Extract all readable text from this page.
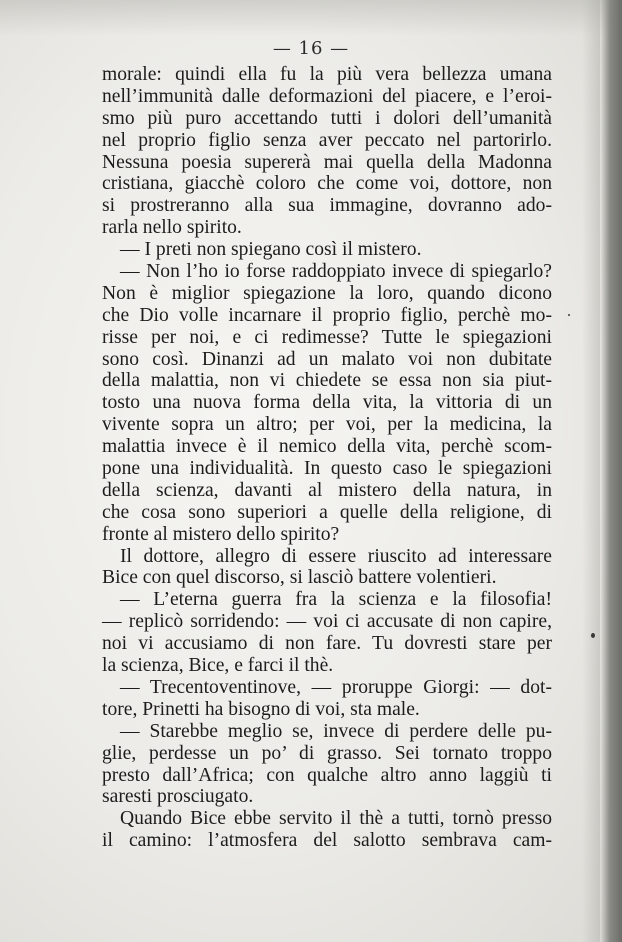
— 16 —
morale: quindi ella fu la più vera bellezza umana
nell’immunità dalle deformazioni del piacere, e l’eroi-
smo più puro accettando tutti i dolori dell’umanità
nel proprio figlio senza aver peccato nel partorirlo.
Nessuna poesia supererà mai quella della Madonna
cristiana, giacchè coloro che come voi, dottore, non
si prostreranno alla sua immagine, dovranno ado-
rarla nello spirito.
— I preti non spiegano così il mistero.
— Non l’ho io forse raddoppiato invece di spiegarlo?
Non è miglior spiegazione la loro, quando dicono
che Dio volle incarnare il proprio figlio, perchè mo-
risse per noi, e ci redimesse? Tutte le spiegazioni
sono così. Dinanzi ad un malato voi non dubitate
della malattia, non vi chiedete se essa non sia piut-
tosto una nuova forma della vita, la vittoria di un
vivente sopra un altro; per voi, per la medicina, la
malattia invece è il nemico della vita, perchè scom-
pone una individualità. In questo caso le spiegazioni
della scienza, davanti al mistero della natura, in
che cosa sono superiori a quelle della religione, di
fronte al mistero dello spirito?
Il dottore, allegro di essere riuscito ad interessare
Bice con quel discorso, si lasciò battere volentieri.
— L’eterna guerra fra la scienza e la filosofia!
— replicò sorridendo: — voi ci accusate di non capire,
noi vi accusiamo di non fare. Tu dovresti stare per
la scienza, Bice, e farci il thè.
— Trecentoventinove, — proruppe Giorgi: — dot-
tore, Prinetti ha bisogno di voi, sta male.
— Starebbe meglio se, invece di perdere delle pu-
glie, perdesse un po’ di grasso. Sei tornato troppo
presto dall’Africa; con qualche altro anno laggiù ti
saresti prosciugato.
Quando Bice ebbe servito il thè a tutti, tornò presso
il camino: l’atmosfera del salotto sembrava cam-
